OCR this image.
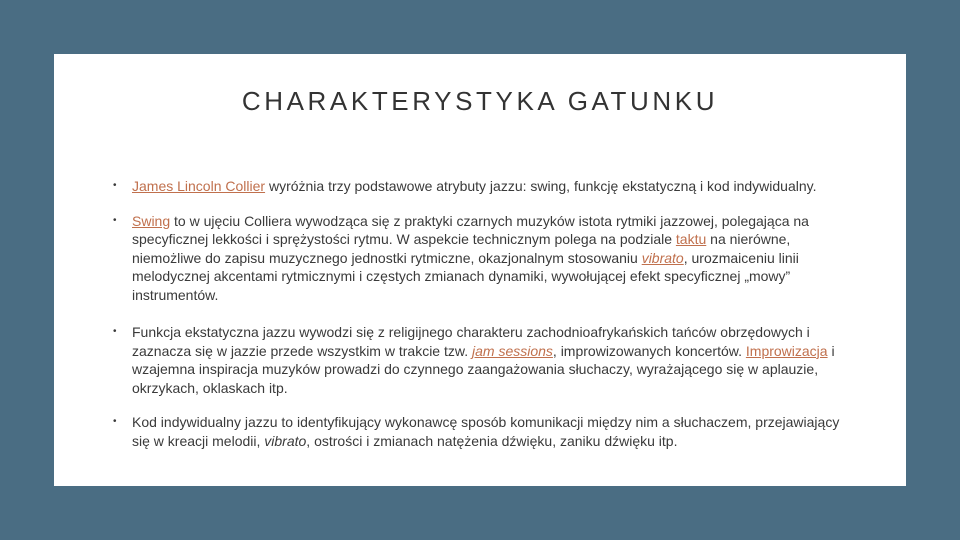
CHARAKTERYSTYKA GATUNKU
• James Lincoln Collier wyróżnia trzy podstawowe atrybuty jazzu: swing, funkcję ekstatyczną i kod indywidualny.
• Swing to w ujęciu Colliera wywodząca się z praktyki czarnych muzyków istota rytmiki jazzowej, polegająca na specyficznej lekkości i sprężystości rytmu. W aspekcie technicznym polega na podziale taktu na nierówne, niemożliwe do zapisu muzycznego jednostki rytmiczne, okazjonalnym stosowaniu vibrato, urozmaiceniu linii melodycznej akcentami rytmicznymi i częstych zmianach dynamiki, wywołującej efekt specyficznej „mowy” instrumentów.
• Funkcja ekstatyczna jazzu wywodzi się z religijnego charakteru zachodnioafrykańskich tańców obrzędowych i zaznacza się w jazzie przede wszystkim w trakcie tzw. jam sessions, improwizowanych koncertów. Improwizacja i wzajemna inspiracja muzyków prowadzi do czynnego zaangażowania słuchaczy, wyrażającego się w aplauzie, okrzykach, oklaskach itp.
• Kod indywidualny jazzu to identyfikujący wykonawcę sposób komunikacji między nim a słuchaczem, przejawiający się w kreacji melodii, vibrato, ostrości i zmianach natężenia dźwięku, zaniku dźwięku itp.
